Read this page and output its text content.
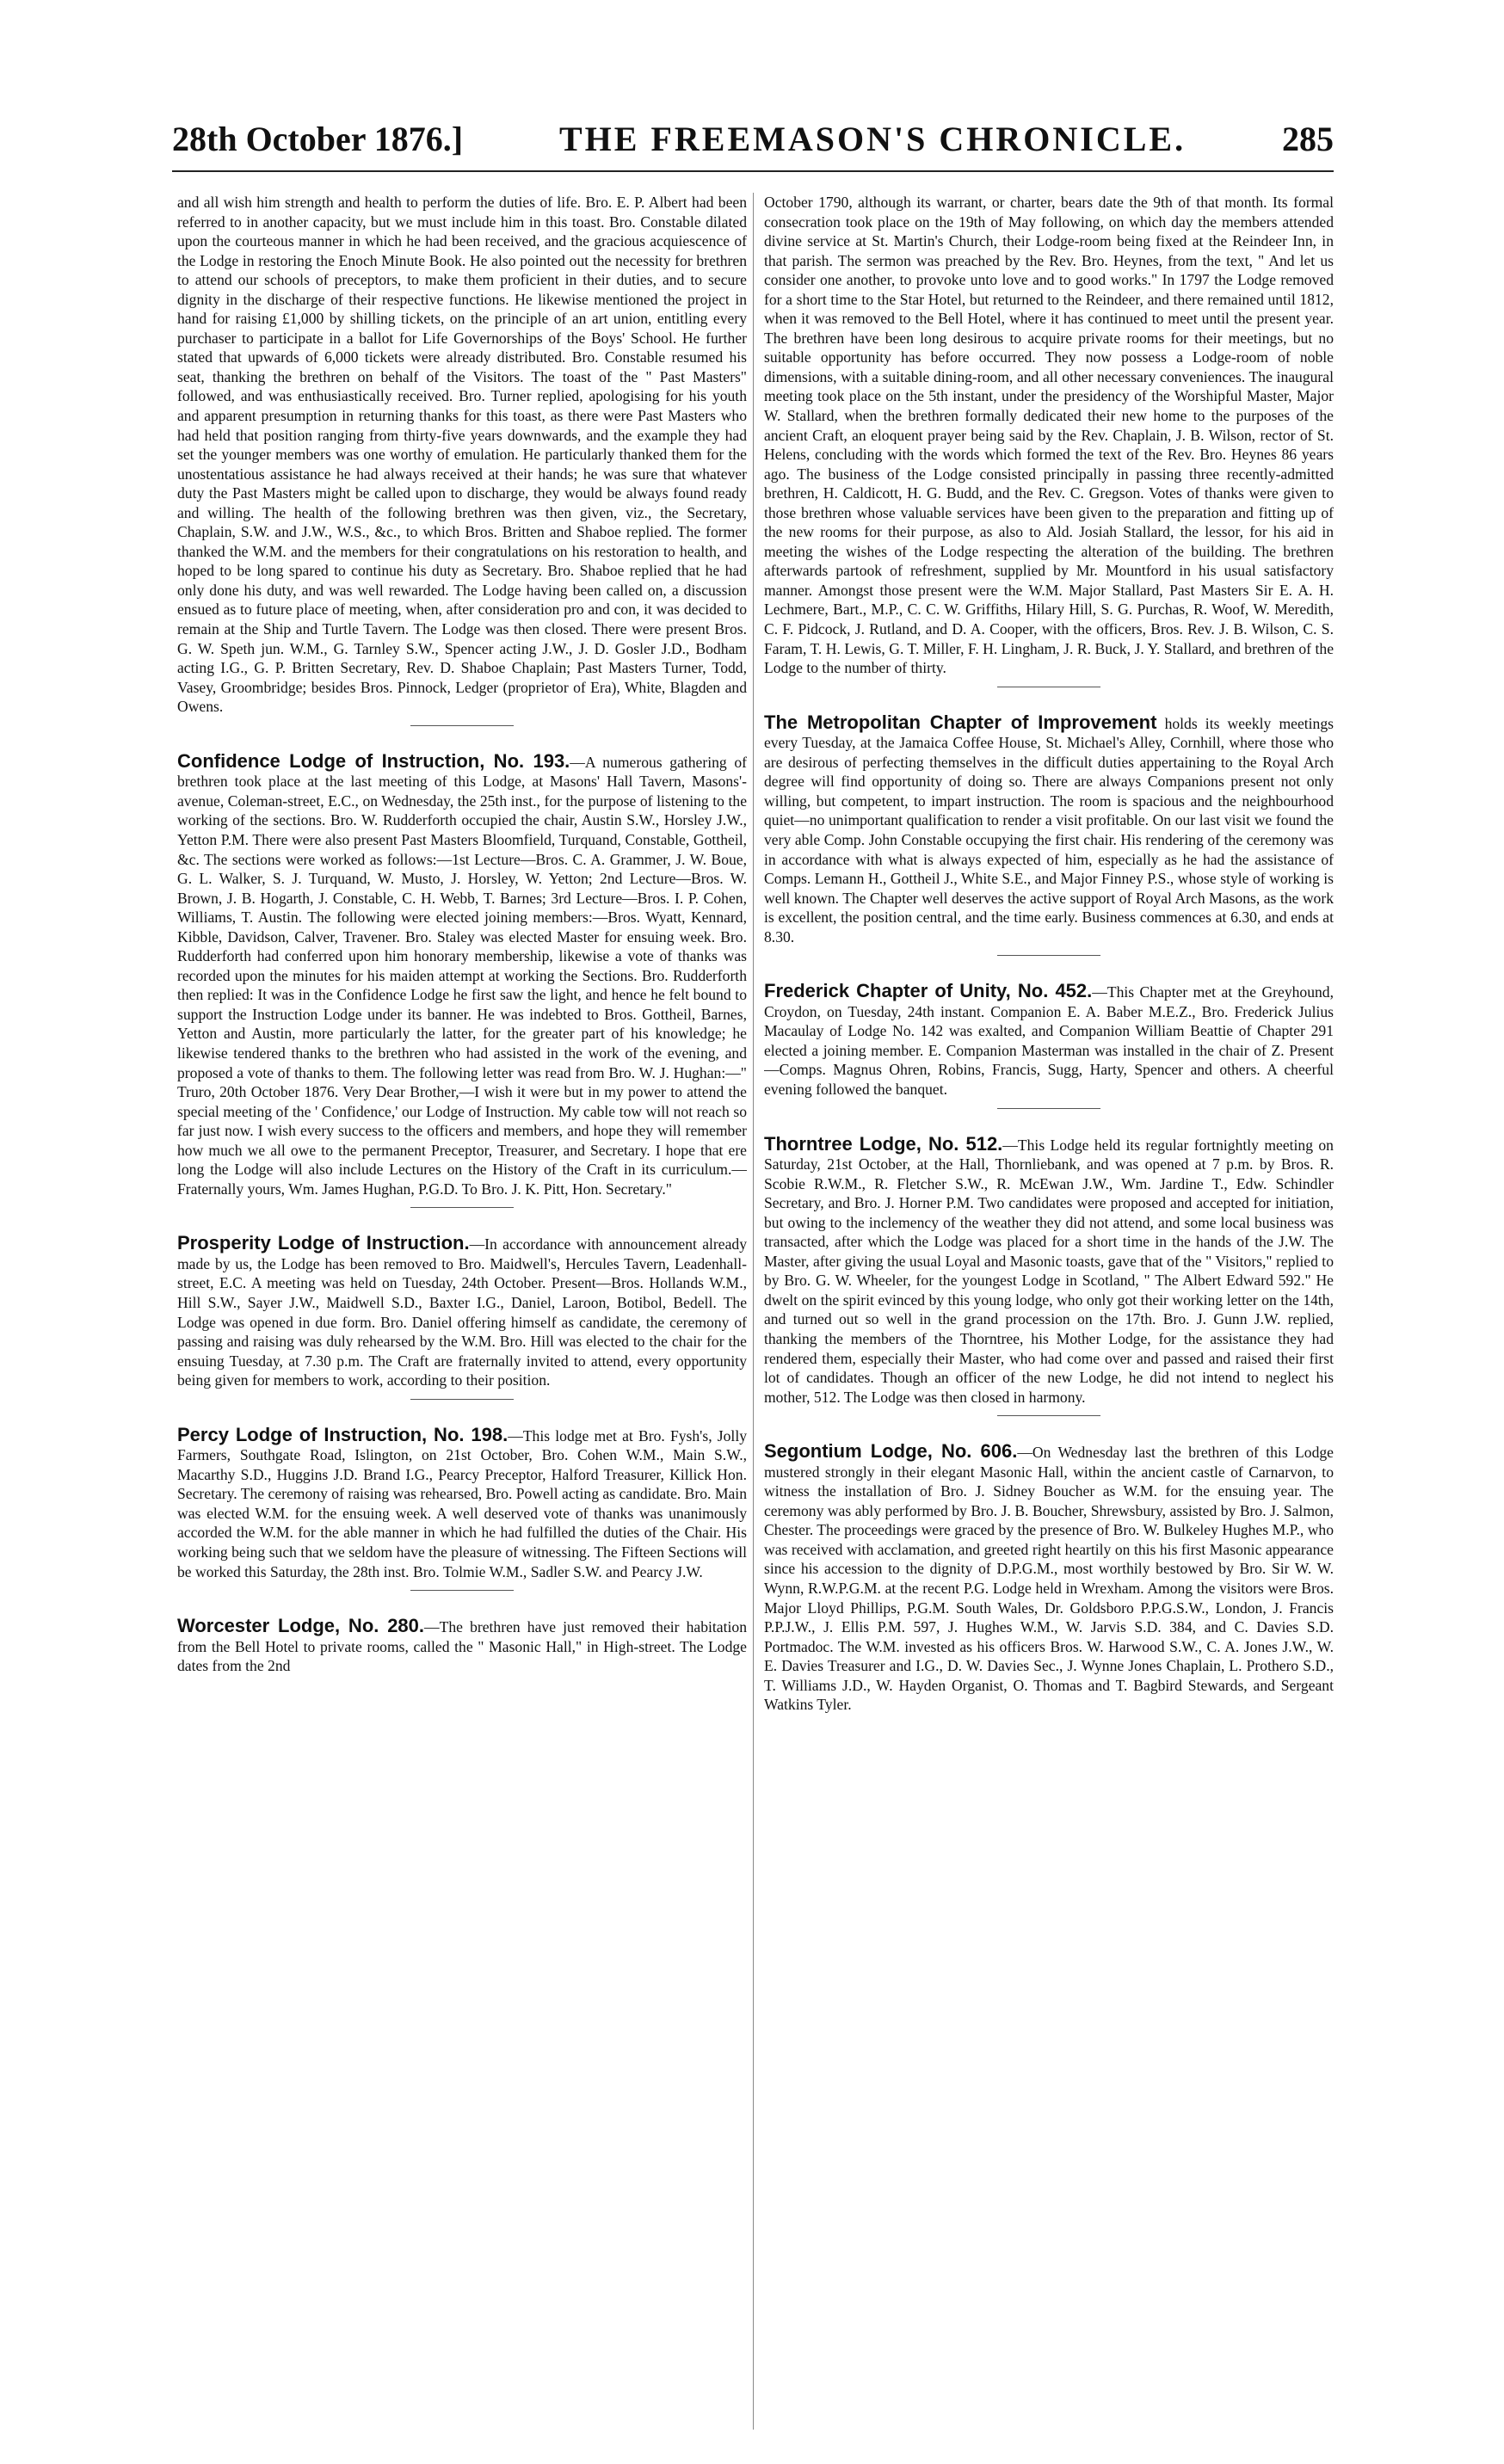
28th October 1876.]	THE FREEMASON'S CHRONICLE.	285

and all wish him strength and health to perform the duties of life. Bro. E. P. Albert had been referred to in another capacity, but we must include him in this toast. Bro. Constable dilated upon the courteous manner in which he had been received, and the gracious acquiescence of the Lodge in restoring the Enoch Minute Book. He also pointed out the necessity for brethren to attend our schools of preceptors, to make them proficient in their duties, and to secure dignity in the discharge of their respective functions. He likewise mentioned the project in hand for raising £1,000 by shilling tickets, on the principle of an art union, entitling every purchaser to participate in a ballot for Life Governorships of the Boys' School. He further stated that upwards of 6,000 tickets were already distributed. Bro. Constable resumed his seat, thanking the brethren on behalf of the Visitors. The toast of the " Past Masters" followed, and was enthusiastically received. Bro. Turner replied, apologising for his youth and apparent presumption in returning thanks for this toast, as there were Past Masters who had held that position ranging from thirty-five years downwards, and the example they had set the younger members was one worthy of emulation. He particularly thanked them for the unostentatious assistance he had always received at their hands; he was sure that whatever duty the Past Masters might be called upon to discharge, they would be always found ready and willing. The health of the following brethren was then given, viz., the Secretary, Chaplain, S.W. and J.W., W.S., &c., to which Bros. Britten and Shaboe replied. The former thanked the W.M. and the members for their congratulations on his restoration to health, and hoped to be long spared to continue his duty as Secretary. Bro. Shaboe replied that he had only done his duty, and was well rewarded. The Lodge having been called on, a discussion ensued as to future place of meeting, when, after consideration pro and con, it was decided to remain at the Ship and Turtle Tavern. The Lodge was then closed. There were present Bros. G. W. Speth jun. W.M., G. Tarnley S.W., Spencer acting J.W., J. D. Gosler J.D., Bodham acting I.G., G. P. Britten Secretary, Rev. D. Shaboe Chaplain; Past Masters Turner, Todd, Vasey, Groombridge; besides Bros. Pinnock, Ledger (proprietor of Era), White, Blagden and Owens.

Confidence Lodge of Instruction, No. 193.—A numerous gathering of brethren took place at the last meeting of this Lodge, at Masons' Hall Tavern, Masons'-avenue, Coleman-street, E.C., on Wednesday, the 25th inst., for the purpose of listening to the working of the sections. Bro. W. Rudderforth occupied the chair, Austin S.W., Horsley J.W., Yetton P.M. There were also present Past Masters Bloomfield, Turquand, Constable, Gottheil, &c. The sections were worked as follows:—1st Lecture—Bros. C. A. Grammer, J. W. Boue, G. L. Walker, S. J. Turquand, W. Musto, J. Horsley, W. Yetton; 2nd Lecture—Bros. W. Brown, J. B. Hogarth, J. Constable, C. H. Webb, T. Barnes; 3rd Lecture—Bros. I. P. Cohen, Williams, T. Austin. The following were elected joining members:—Bros. Wyatt, Kennard, Kibble, Davidson, Calver, Travener. Bro. Staley was elected Master for ensuing week. Bro. Rudderforth had conferred upon him honorary membership, likewise a vote of thanks was recorded upon the minutes for his maiden attempt at working the Sections. Bro. Rudderforth then replied: It was in the Confidence Lodge he first saw the light, and hence he felt bound to support the Instruction Lodge under its banner. He was indebted to Bros. Gottheil, Barnes, Yetton and Austin, more particularly the latter, for the greater part of his knowledge; he likewise tendered thanks to the brethren who had assisted in the work of the evening, and proposed a vote of thanks to them. The following letter was read from Bro. W. J. Hughan:—" Truro, 20th October 1876. Very Dear Brother,—I wish it were but in my power to attend the special meeting of the ' Confidence,' our Lodge of Instruction. My cable tow will not reach so far just now. I wish every success to the officers and members, and hope they will remember how much we all owe to the permanent Preceptor, Treasurer, and Secretary. I hope that ere long the Lodge will also include Lectures on the History of the Craft in its curriculum.—Fraternally yours, Wm. James Hughan, P.G.D. To Bro. J. K. Pitt, Hon. Secretary."

Prosperity Lodge of Instruction.—In accordance with announcement already made by us, the Lodge has been removed to Bro. Maidwell's, Hercules Tavern, Leadenhall-street, E.C. A meeting was held on Tuesday, 24th October. Present—Bros. Hollands W.M., Hill S.W., Sayer J.W., Maidwell S.D., Baxter I.G., Daniel, Laroon, Botibol, Bedell. The Lodge was opened in due form. Bro. Daniel offering himself as candidate, the ceremony of passing and raising was duly rehearsed by the W.M. Bro. Hill was elected to the chair for the ensuing Tuesday, at 7.30 p.m. The Craft are fraternally invited to attend, every opportunity being given for members to work, according to their position.

Percy Lodge of Instruction, No. 198.—This lodge met at Bro. Fysh's, Jolly Farmers, Southgate Road, Islington, on 21st October, Bro. Cohen W.M., Main S.W., Macarthy S.D., Huggins J.D. Brand I.G., Pearcy Preceptor, Halford Treasurer, Killick Hon. Secretary. The ceremony of raising was rehearsed, Bro. Powell acting as candidate. Bro. Main was elected W.M. for the ensuing week. A well deserved vote of thanks was unanimously accorded the W.M. for the able manner in which he had fulfilled the duties of the Chair. His working being such that we seldom have the pleasure of witnessing. The Fifteen Sections will be worked this Saturday, the 28th inst. Bro. Tolmie W.M., Sadler S.W. and Pearcy J.W.

Worcester Lodge, No. 280.—The brethren have just removed their habitation from the Bell Hotel to private rooms, called the " Masonic Hall," in High-street. The Lodge dates from the 2nd

October 1790, although its warrant, or charter, bears date the 9th of that month. Its formal consecration took place on the 19th of May following, on which day the members attended divine service at St. Martin's Church, their Lodge-room being fixed at the Reindeer Inn, in that parish. The sermon was preached by the Rev. Bro. Heynes, from the text, " And let us consider one another, to provoke unto love and to good works." In 1797 the Lodge removed for a short time to the Star Hotel, but returned to the Reindeer, and there remained until 1812, when it was removed to the Bell Hotel, where it has continued to meet until the present year. The brethren have been long desirous to acquire private rooms for their meetings, but no suitable opportunity has before occurred. They now possess a Lodge-room of noble dimensions, with a suitable dining-room, and all other necessary conveniences. The inaugural meeting took place on the 5th instant, under the presidency of the Worshipful Master, Major W. Stallard, when the brethren formally dedicated their new home to the purposes of the ancient Craft, an eloquent prayer being said by the Rev. Chaplain, J. B. Wilson, rector of St. Helens, concluding with the words which formed the text of the Rev. Bro. Heynes 86 years ago. The business of the Lodge consisted principally in passing three recently-admitted brethren, H. Caldicott, H. G. Budd, and the Rev. C. Gregson. Votes of thanks were given to those brethren whose valuable services have been given to the preparation and fitting up of the new rooms for their purpose, as also to Ald. Josiah Stallard, the lessor, for his aid in meeting the wishes of the Lodge respecting the alteration of the building. The brethren afterwards partook of refreshment, supplied by Mr. Mountford in his usual satisfactory manner. Amongst those present were the W.M. Major Stallard, Past Masters Sir E. A. H. Lechmere, Bart., M.P., C. C. W. Griffiths, Hilary Hill, S. G. Purchas, R. Woof, W. Meredith, C. F. Pidcock, J. Rutland, and D. A. Cooper, with the officers, Bros. Rev. J. B. Wilson, C. S. Faram, T. H. Lewis, G. T. Miller, F. H. Lingham, J. R. Buck, J. Y. Stallard, and brethren of the Lodge to the number of thirty.

The Metropolitan Chapter of Improvement holds its weekly meetings every Tuesday, at the Jamaica Coffee House, St. Michael's Alley, Cornhill, where those who are desirous of perfecting themselves in the difficult duties appertaining to the Royal Arch degree will find opportunity of doing so. There are always Companions present not only willing, but competent, to impart instruction. The room is spacious and the neighbourhood quiet—no unimportant qualification to render a visit profitable. On our last visit we found the very able Comp. John Constable occupying the first chair. His rendering of the ceremony was in accordance with what is always expected of him, especially as he had the assistance of Comps. Lemann H., Gottheil J., White S.E., and Major Finney P.S., whose style of working is well known. The Chapter well deserves the active support of Royal Arch Masons, as the work is excellent, the position central, and the time early. Business commences at 6.30, and ends at 8.30.

Frederick Chapter of Unity, No. 452.—This Chapter met at the Greyhound, Croydon, on Tuesday, 24th instant. Companion E. A. Baber M.E.Z., Bro. Frederick Julius Macaulay of Lodge No. 142 was exalted, and Companion William Beattie of Chapter 291 elected a joining member. E. Companion Masterman was installed in the chair of Z. Present—Comps. Magnus Ohren, Robins, Francis, Sugg, Harty, Spencer and others. A cheerful evening followed the banquet.

Thorntree Lodge, No. 512.—This Lodge held its regular fortnightly meeting on Saturday, 21st October, at the Hall, Thornliebank, and was opened at 7 p.m. by Bros. R. Scobie R.W.M., R. Fletcher S.W., R. McEwan J.W., Wm. Jardine T., Edw. Schindler Secretary, and Bro. J. Horner P.M. Two candidates were proposed and accepted for initiation, but owing to the inclemency of the weather they did not attend, and some local business was transacted, after which the Lodge was placed for a short time in the hands of the J.W. The Master, after giving the usual Loyal and Masonic toasts, gave that of the " Visitors," replied to by Bro. G. W. Wheeler, for the youngest Lodge in Scotland, " The Albert Edward 592." He dwelt on the spirit evinced by this young lodge, who only got their working letter on the 14th, and turned out so well in the grand procession on the 17th. Bro. J. Gunn J.W. replied, thanking the members of the Thorntree, his Mother Lodge, for the assistance they had rendered them, especially their Master, who had come over and passed and raised their first lot of candidates. Though an officer of the new Lodge, he did not intend to neglect his mother, 512. The Lodge was then closed in harmony.

Segontium Lodge, No. 606.—On Wednesday last the brethren of this Lodge mustered strongly in their elegant Masonic Hall, within the ancient castle of Carnarvon, to witness the installation of Bro. J. Sidney Boucher as W.M. for the ensuing year. The ceremony was ably performed by Bro. J. B. Boucher, Shrewsbury, assisted by Bro. J. Salmon, Chester. The proceedings were graced by the presence of Bro. W. Bulkeley Hughes M.P., who was received with acclamation, and greeted right heartily on this his first Masonic appearance since his accession to the dignity of D.P.G.M., most worthily bestowed by Bro. Sir W. W. Wynn, R.W.P.G.M. at the recent P.G. Lodge held in Wrexham. Among the visitors were Bros. Major Lloyd Phillips, P.G.M. South Wales, Dr. Goldsboro P.P.G.S.W., London, J. Francis P.P.J.W., J. Ellis P.M. 597, J. Hughes W.M., W. Jarvis S.D. 384, and C. Davies S.D. Portmadoc. The W.M. invested as his officers Bros. W. Harwood S.W., C. A. Jones J.W., W. E. Davies Treasurer and I.G., D. W. Davies Sec., J. Wynne Jones Chaplain, L. Prothero S.D., T. Williams J.D., W. Hayden Organist, O. Thomas and T. Bagbird Stewards, and Sergeant Watkins Tyler.
